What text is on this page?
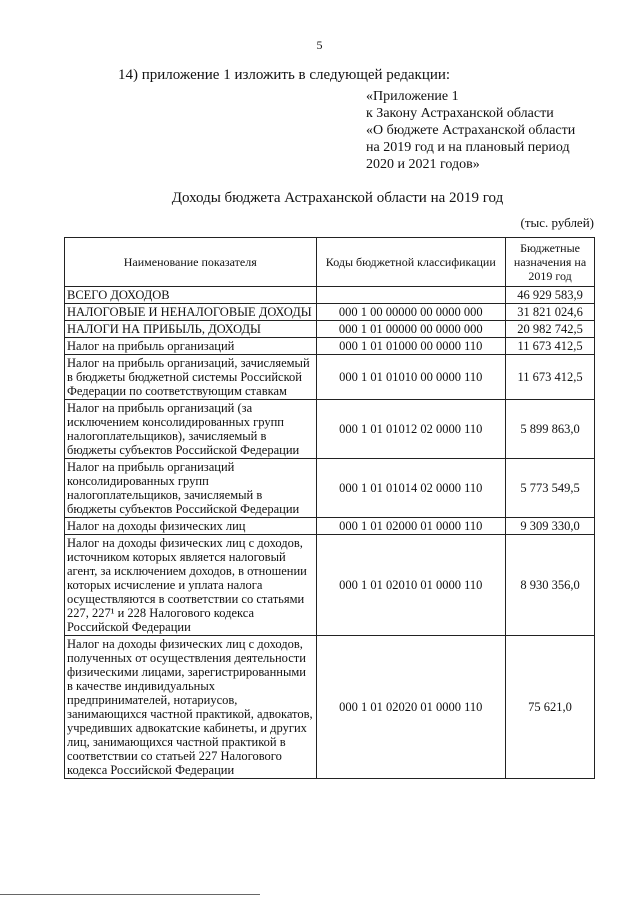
5
14) приложение 1 изложить в следующей редакции:
«Приложение 1
к Закону Астраханской области
«О бюджете Астраханской области
на 2019 год и на плановый период
2020 и 2021 годов»
Доходы бюджета Астраханской области на 2019 год
(тыс. рублей)
Наименование показателя	Коды бюджетной классификации	Бюджетные назначения на 2019 год
ВСЕГО ДОХОДОВ		46 929 583,9
НАЛОГОВЫЕ И НЕНАЛОГОВЫЕ ДОХОДЫ	000 1 00 00000 00 0000 000	31 821 024,6
НАЛОГИ НА ПРИБЫЛЬ, ДОХОДЫ	000 1 01 00000 00 0000 000	20 982 742,5
Налог на прибыль организаций	000 1 01 01000 00 0000 110	11 673 412,5
Налог на прибыль организаций, зачисляемый в бюджеты бюджетной системы Российской Федерации по соответствующим ставкам	000 1 01 01010 00 0000 110	11 673 412,5
Налог на прибыль организаций (за исключением консолидированных групп налогоплательщиков), зачисляемый в бюджеты субъектов Российской Федерации	000 1 01 01012 02 0000 110	5 899 863,0
Налог на прибыль организаций консолидированных групп налогоплательщиков, зачисляемый в бюджеты субъектов Российской Федерации	000 1 01 01014 02 0000 110	5 773 549,5
Налог на доходы физических лиц	000 1 01 02000 01 0000 110	9 309 330,0
Налог на доходы физических лиц с доходов, источником которых является налоговый агент, за исключением доходов, в отношении которых исчисление и уплата налога осуществляются в соответствии со статьями 227, 227¹ и 228 Налогового кодекса Российской Федерации	000 1 01 02010 01 0000 110	8 930 356,0
Налог на доходы физических лиц с доходов, полученных от осуществления деятельности физическими лицами, зарегистрированными в качестве индивидуальных предпринимателей, нотариусов, занимающихся частной практикой, адвокатов, учредивших адвокатские кабинеты, и других лиц, занимающихся частной практикой в соответствии со статьей 227 Налогового кодекса Российской Федерации	000 1 01 02020 01 0000 110	75 621,0
